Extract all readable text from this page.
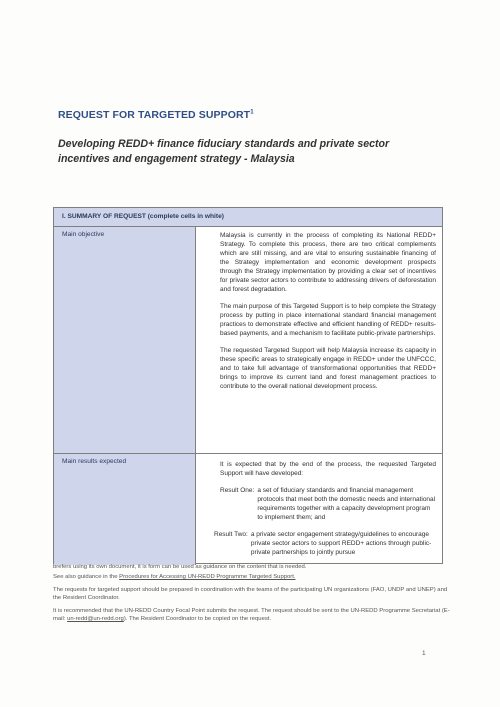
REQUEST FOR TARGETED SUPPORT$^1$
Developing REDD+ finance fiduciary standards and private sector incentives and engagement strategy - Malaysia
I. SUMMARY OF REQUEST (complete cells in white)
Main objective	Malaysia is currently in the process of completing its National REDD+ Strategy. To complete this process, there are two critical complements which are still missing, and are vital to ensuring sustainable financing of the Strategy implementation and economic development prospects through the Strategy implementation by providing a clear set of incentives for private sector actors to contribute to addressing drivers of deforestation and forest degradation.

The main purpose of this Targeted Support is to help complete the Strategy process by putting in place international standard financial management practices to demonstrate effective and efficient handling of REDD+ results-based payments, and a mechanism to facilitate public-private partnerships.

The requested Targeted Support will help Malaysia increase its capacity in these specific areas to strategically engage in REDD+ under the UNFCCC, and to take full advantage of transformational opportunities that REDD+ brings to improve its current land and forest management practices to contribute to the overall national development process.

Main results expected	It is expected that by the end of the process, the requested Targeted Support will have developed:

Result One: a set of fiduciary standards and financial management protocols that meet both the domestic needs and international requirements together with a capacity development program to implement them; and
Result Two: a private sector engagement strategy/guidelines to encourage private sector actors to support REDD+ actions through public-private partnerships to jointly pursue

brefers using its own document, it is form can be used as guidance on the content that is needed.

See also guidance in the Procedures for Accessing UN-REDD Programme Targeted Support.

The requests for targeted support should be prepared in coordination with the teams of the participating UN organizations (FAO, UNDP and UNEP) and the Resident Coordinator.

It is recommended that the UN-REDD Country Focal Point submits the request. The request should be sent to the UN-REDD Programme Secretariat (E-mail: un-redd@un-redd.org). The Resident Coordinator to be copied on the request.

1
